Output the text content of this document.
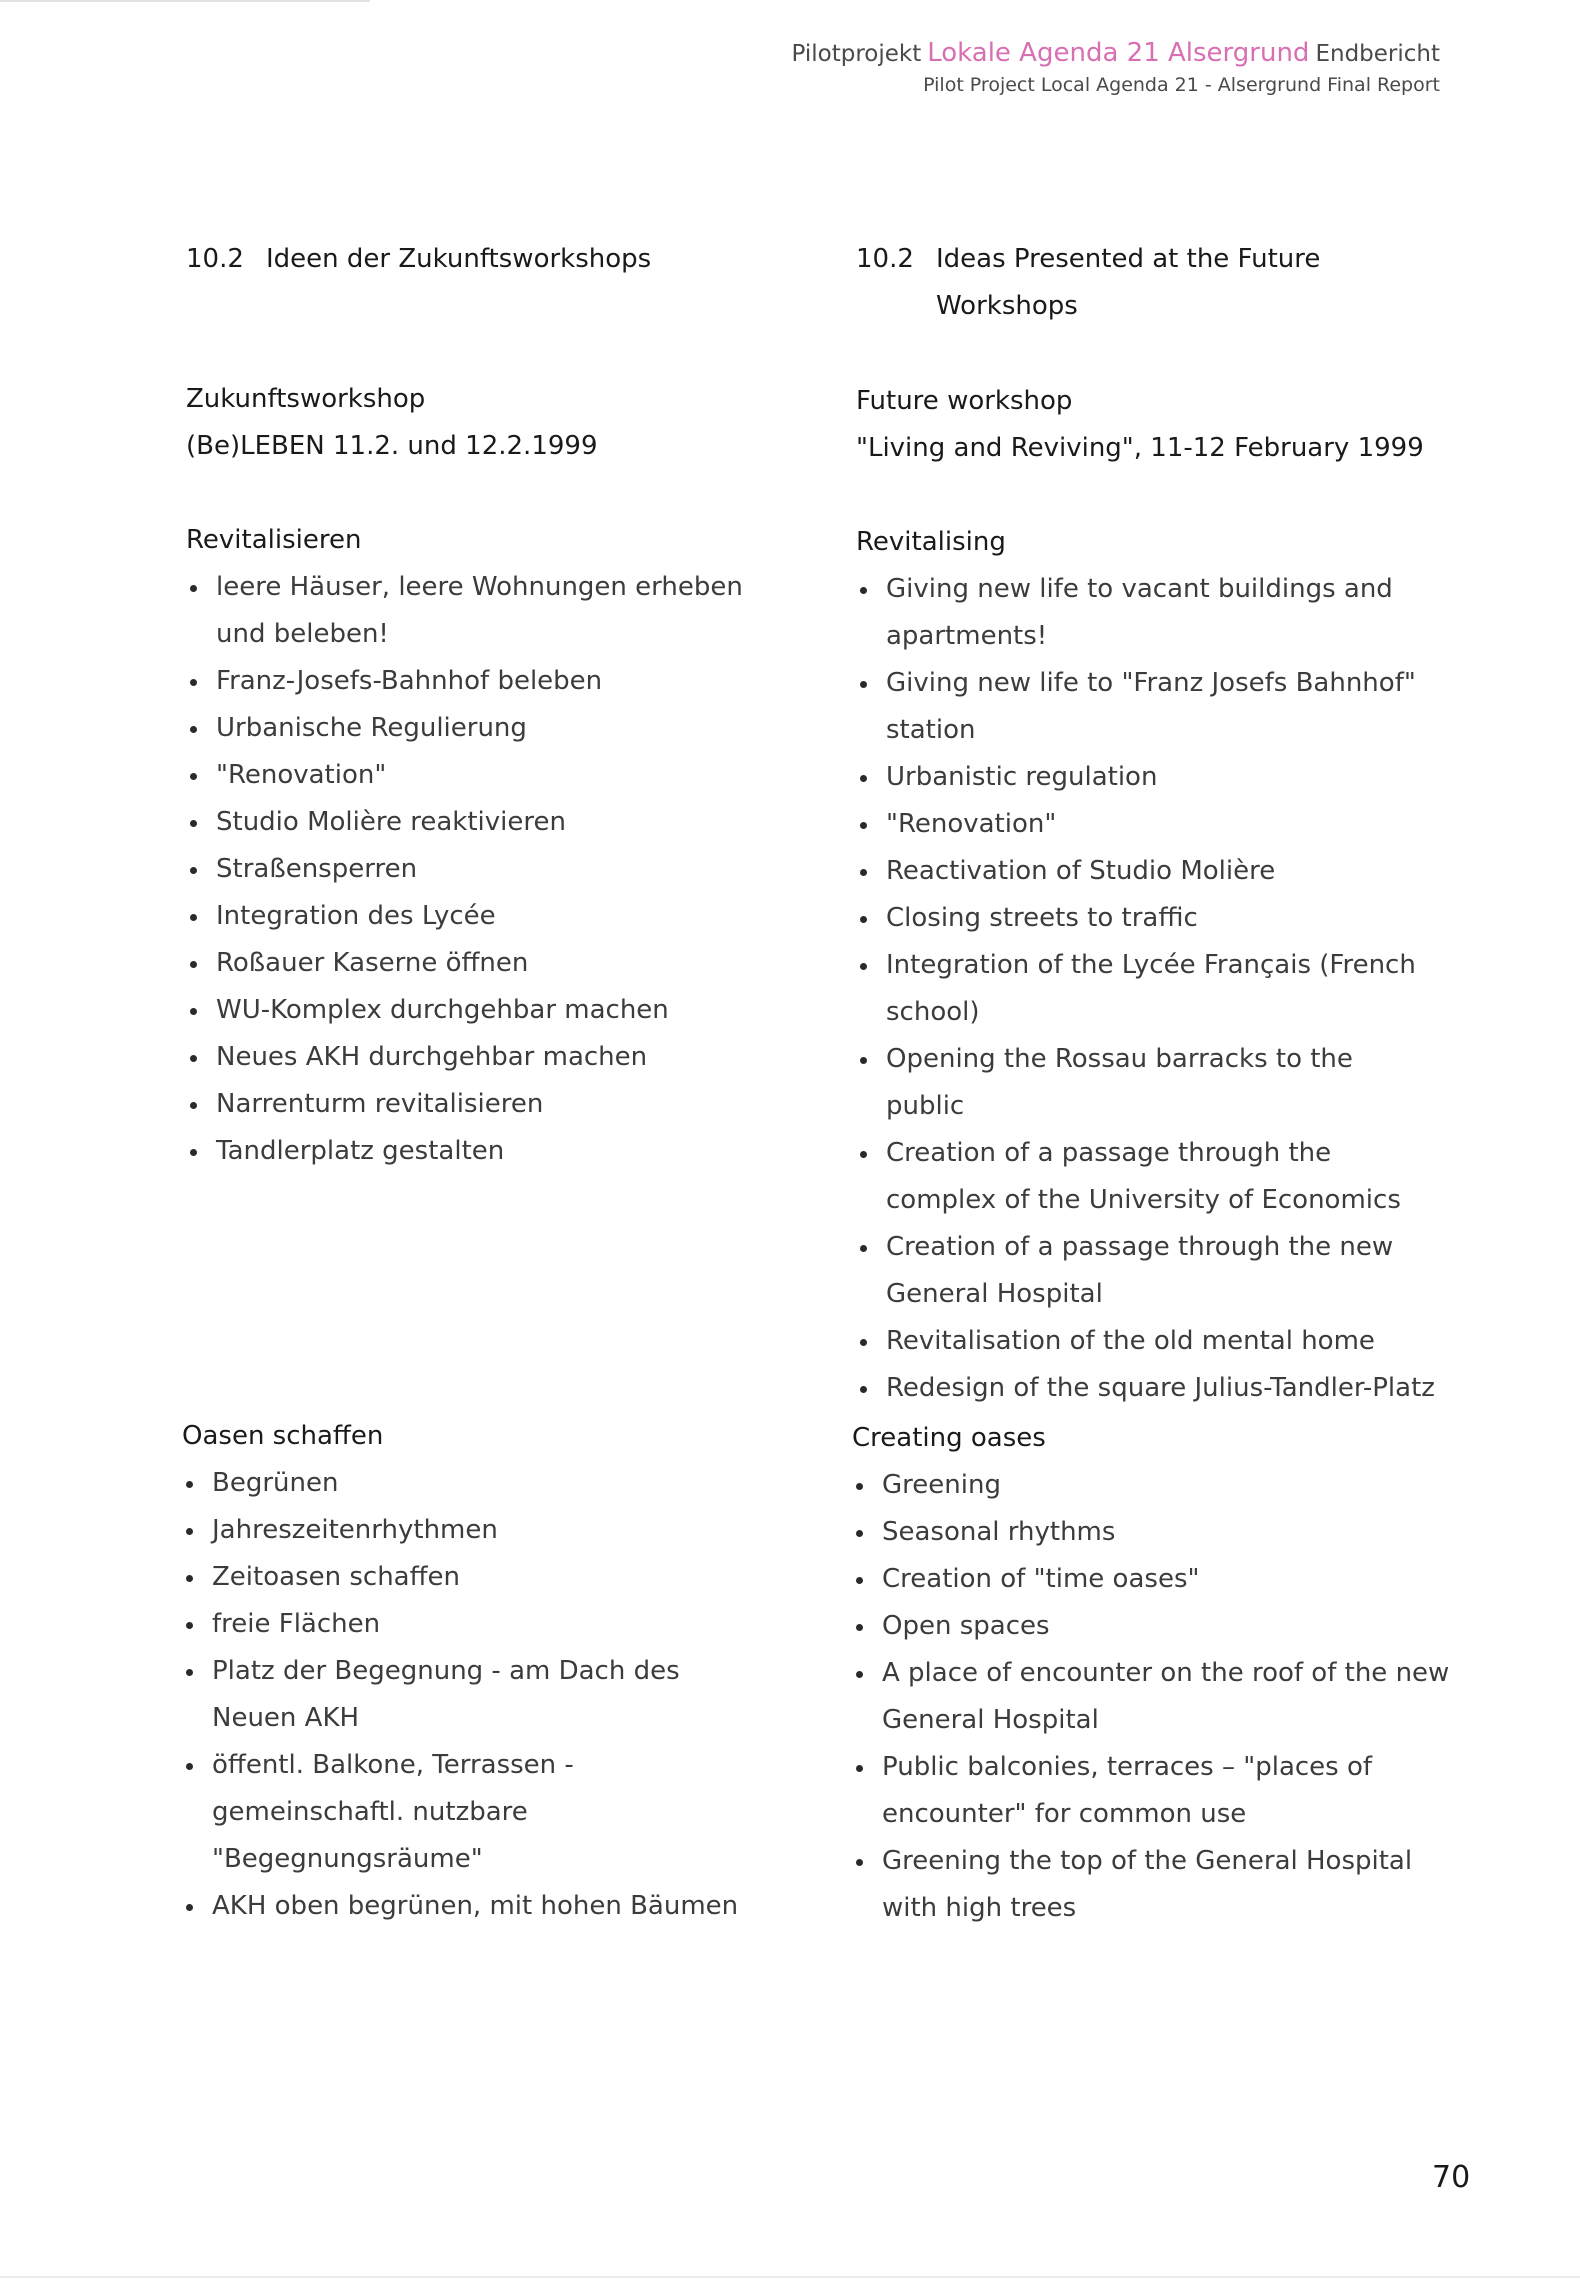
Pilotprojekt Lokale Agenda 21 Alsergrund Endbericht
Pilot Project Local Agenda 21 - Alsergrund Final Report
10.2 Ideen der Zukunftsworkshops
Zukunftsworkshop
(Be)LEBEN 11.2. und 12.2.1999
Revitalisieren
leere Häuser, leere Wohnungen erheben und beleben!
Franz-Josefs-Bahnhof beleben
Urbanische Regulierung
"Renovation"
Studio Molière reaktivieren
Straßensperren
Integration des Lycée
Roßauer Kaserne öffnen
WU-Komplex durchgehbar machen
Neues AKH durchgehbar machen
Narrenturm revitalisieren
Tandlerplatz gestalten
Oasen schaffen
Begrünen
Jahreszeitenrhythmen
Zeitoasen schaffen
freie Flächen
Platz der Begegnung - am Dach des Neuen AKH
öffentl. Balkone, Terrassen - gemeinschaftl. nutzbare "Begegnungsräume"
AKH oben begrünen, mit hohen Bäumen
10.2 Ideas Presented at the Future Workshops
Future workshop
"Living and Reviving", 11-12 February 1999
Revitalising
Giving new life to vacant buildings and apartments!
Giving new life to "Franz Josefs Bahnhof" station
Urbanistic regulation
"Renovation"
Reactivation of Studio Molière
Closing streets to traffic
Integration of the Lycée Français (French school)
Opening the Rossau barracks to the public
Creation of a passage through the complex of the University of Economics
Creation of a passage through the new General Hospital
Revitalisation of the old mental home
Redesign of the square Julius-Tandler-Platz
Creating oases
Greening
Seasonal rhythms
Creation of "time oases"
Open spaces
A place of encounter on the roof of the new General Hospital
Public balconies, terraces – "places of encounter" for common use
Greening the top of the General Hospital with high trees
70
